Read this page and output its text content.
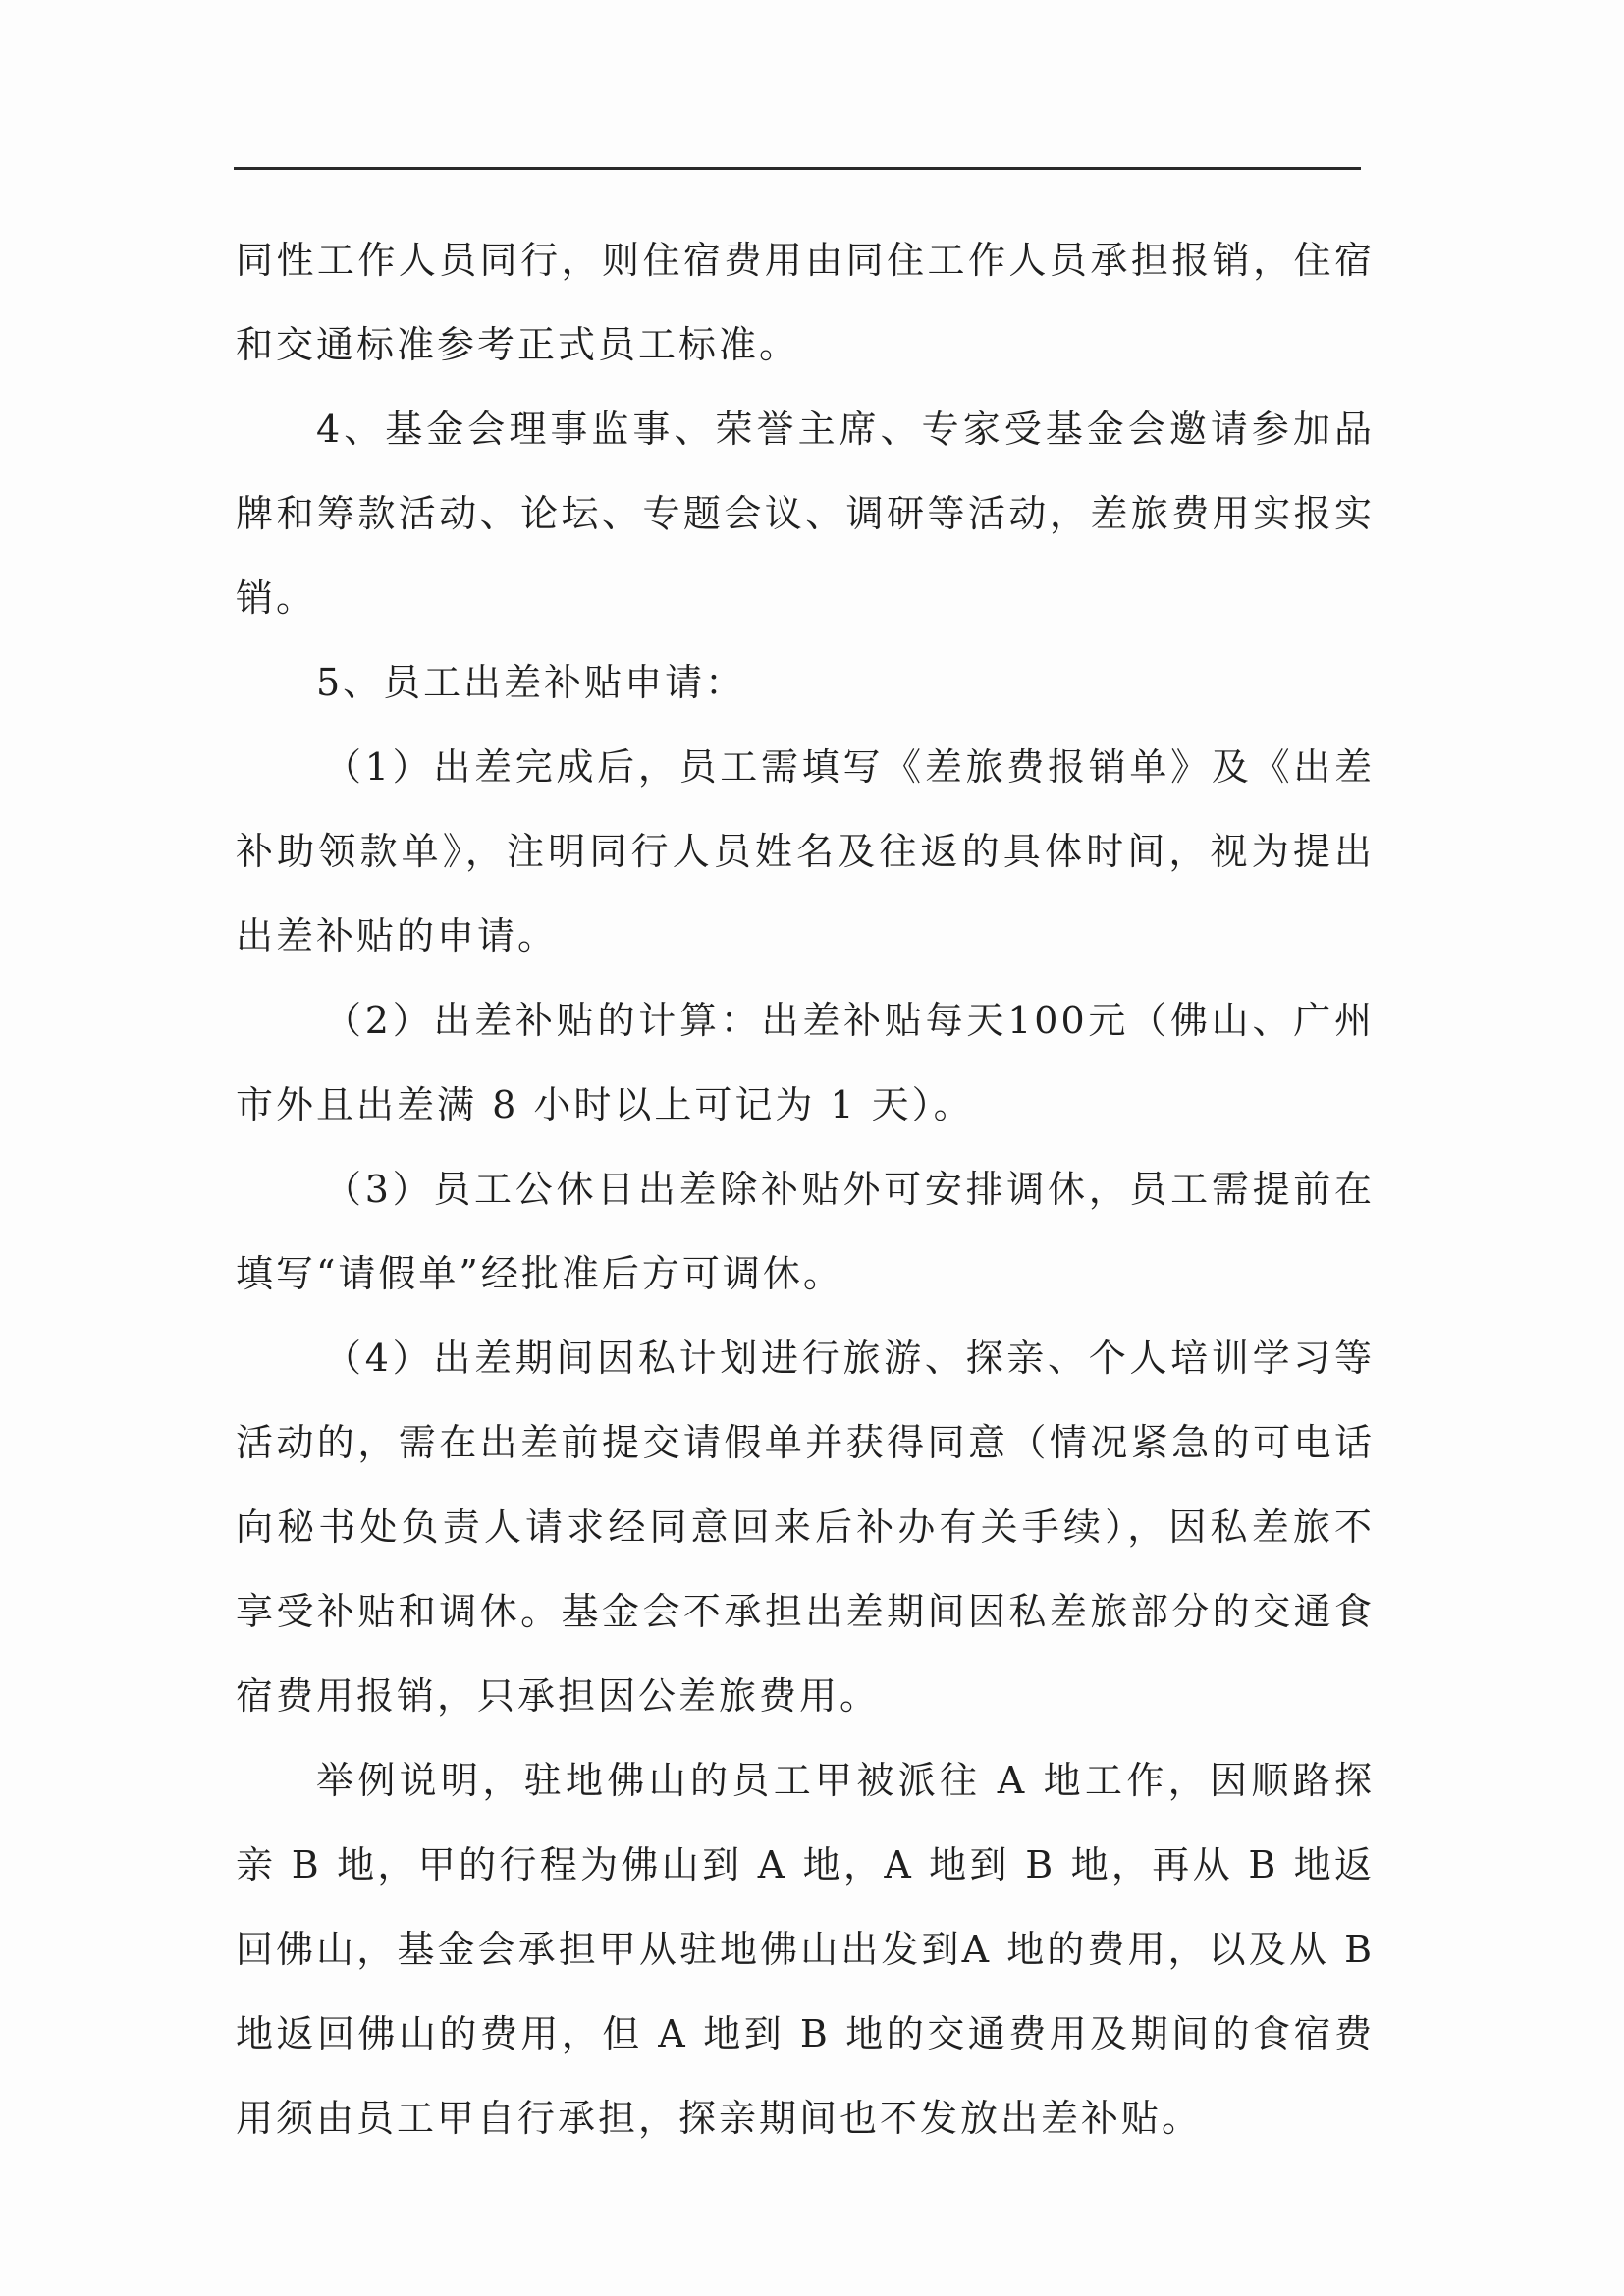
同性工作人员同行，则住宿费用由同住工作人员承担报销，住宿和交通标准参考正式员工标准。

4、基金会理事监事、荣誉主席、专家受基金会邀请参加品牌和筹款活动、论坛、专题会议、调研等活动，差旅费用实报实销。

5、员工出差补贴申请：

（1）出差完成后，员工需填写《差旅费报销单》及《出差补助领款单》，注明同行人员姓名及往返的具体时间，视为提出出差补贴的申请。

（2）出差补贴的计算：出差补贴每天100元（佛山、广州市外且出差满 8 小时以上可记为 1 天）。

（3）员工公休日出差除补贴外可安排调休，员工需提前在填写“请假单”经批准后方可调休。

（4）出差期间因私计划进行旅游、探亲、个人培训学习等活动的，需在出差前提交请假单并获得同意（情况紧急的可电话向秘书处负责人请求经同意回来后补办有关手续），因私差旅不享受补贴和调休。基金会不承担出差期间因私差旅部分的交通食宿费用报销，只承担因公差旅费用。

举例说明，驻地佛山的员工甲被派往 A 地工作，因顺路探亲 B 地，甲的行程为佛山到 A 地，A 地到 B 地，再从 B 地返回佛山，基金会承担甲从驻地佛山出发到A 地的费用，以及从 B 地返回佛山的费用，但 A 地到 B 地的交通费用及期间的食宿费用须由员工甲自行承担，探亲期间也不发放出差补贴。
